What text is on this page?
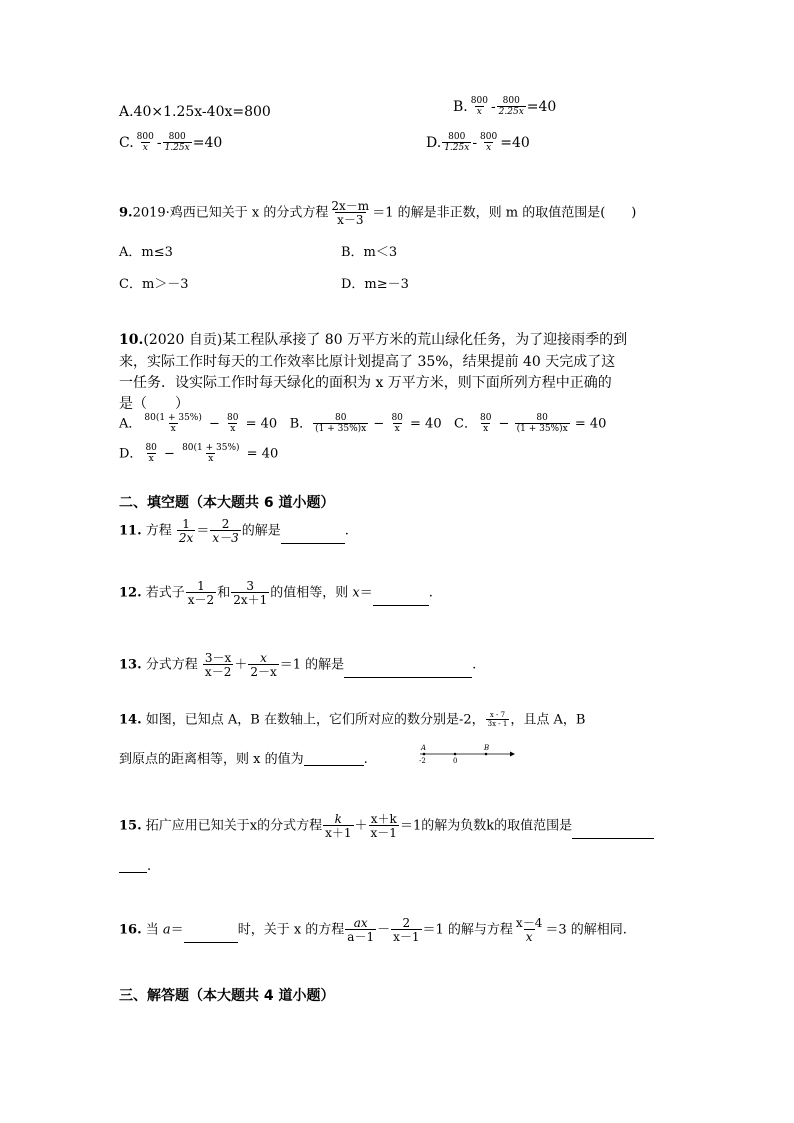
A.40×1.25x-40x=800	B. $\frac{800}{x} - \frac{800}{2.25x} =40$
C. $\frac{800}{x} - \frac{800}{1.25x} =40$	D. $\frac{800}{1.25x} - \frac{800}{x} =40$
9.2019·鸡西已知关于 x 的分式方程 $\frac{2x-m}{x-3} =1$ 的解是非正数，则 m 的取值范围是(　　)
A．m≤3	B．m＜3
C．m＞－3	D．m≥－3
10.(2020 自贡)某工程队承接了 80 万平方米的荒山绿化任务，为了迎接雨季的到
来，实际工作时每天的工作效率比原计划提高了 35%，结果提前 40 天完成了这
一任务．设实际工作时每天绿化的面积为 x 万平方米，则下面所列方程中正确的
是（　　）
A． $\frac{80(1 + 35\%)}{x} - \frac{80}{x} = 40$ B． $\frac{80}{(1 + 35\%)x} - \frac{80}{x} = 40$ C． $\frac{80}{x} - \frac{80}{(1 + 35\%)x} = 40$
D． $\frac{80}{x} - \frac{80(1 + 35\%)}{x} = 40$
二、填空题（本大题共 6 道小题）
11. 方程 $\frac{1}{2x} = \frac{2}{x-3}$ 的解是	.
12. 若式子 $\frac{1}{x-2}$ 和 $\frac{3}{2x+1}$ 的值相等，则 x＝	.
13. 分式方程 $\frac{3-x}{x-2} + \frac{x}{2-x} =1$ 的解是	.
14. 如图，已知点 A，B 在数轴上，它们所对应的数分别是-2， $\frac{x - 7}{3x - 1}$ ，且点 A，B
到原点的距离相等，则 x 的值为	.
A	B
-2	0
15. 拓广应用已知关于x的分式方程 $\frac{k}{x+1} + \frac{x+k}{x-1} =1$的解为负数k的取值范围是
.
16. 当 a＝	时，关于 x 的方程 $\frac{ax}{a-1} - \frac{2}{x-1} =1$ 的解与方程 $\frac{x-4}{x} =3$ 的解相同.
三、解答题（本大题共 4 道小题）
